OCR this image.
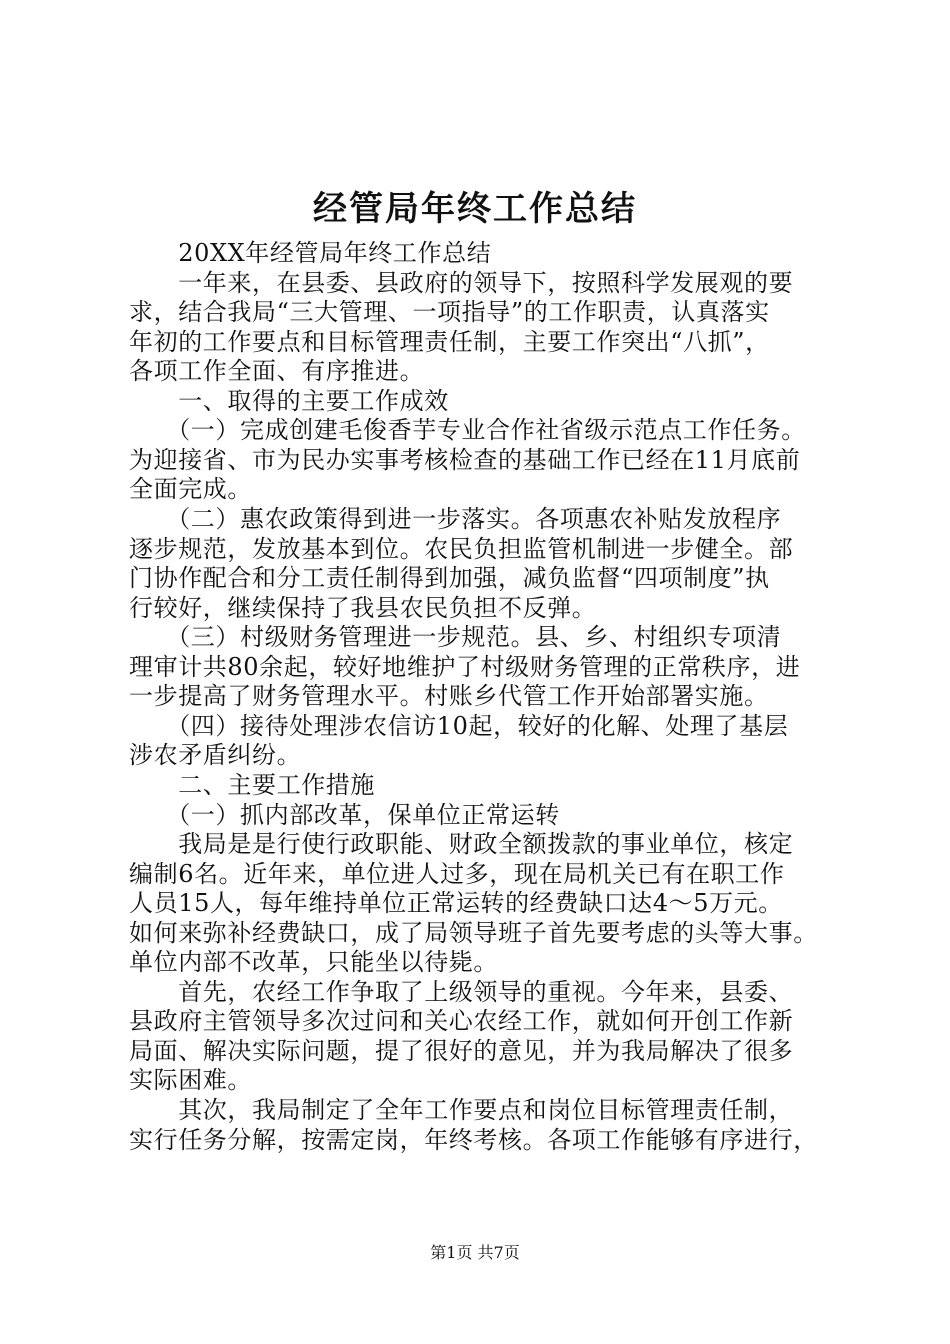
经管局年终工作总结
　　20XX年经管局年终工作总结
　　一年来，在县委、县政府的领导下，按照科学发展观的要
求，结合我局“三大管理、一项指导”的工作职责，认真落实
年初的工作要点和目标管理责任制，主要工作突出“八抓”，
各项工作全面、有序推进。
　　一、取得的主要工作成效
　　（一）完成创建毛俊香芋专业合作社省级示范点工作任务。
为迎接省、市为民办实事考核检查的基础工作已经在11月底前
全面完成。
　　（二）惠农政策得到进一步落实。各项惠农补贴发放程序
逐步规范，发放基本到位。农民负担监管机制进一步健全。部
门协作配合和分工责任制得到加强，减负监督“四项制度”执
行较好，继续保持了我县农民负担不反弹。
　　（三）村级财务管理进一步规范。县、乡、村组织专项清
理审计共80余起，较好地维护了村级财务管理的正常秩序，进
一步提高了财务管理水平。村账乡代管工作开始部署实施。
　　（四）接待处理涉农信访10起，较好的化解、处理了基层
涉农矛盾纠纷。
　　二、主要工作措施
　　（一）抓内部改革，保单位正常运转
　　我局是是行使行政职能、财政全额拨款的事业单位，核定
编制6名。近年来，单位进人过多，现在局机关已有在职工作
人员15人，每年维持单位正常运转的经费缺口达4～5万元。
如何来弥补经费缺口，成了局领导班子首先要考虑的头等大事。
单位内部不改革，只能坐以待毙。
　　首先，农经工作争取了上级领导的重视。今年来，县委、
县政府主管领导多次过问和关心农经工作，就如何开创工作新
局面、解决实际问题，提了很好的意见，并为我局解决了很多
实际困难。
　　其次，我局制定了全年工作要点和岗位目标管理责任制，
实行任务分解，按需定岗，年终考核。各项工作能够有序进行，
第1页 共7页
